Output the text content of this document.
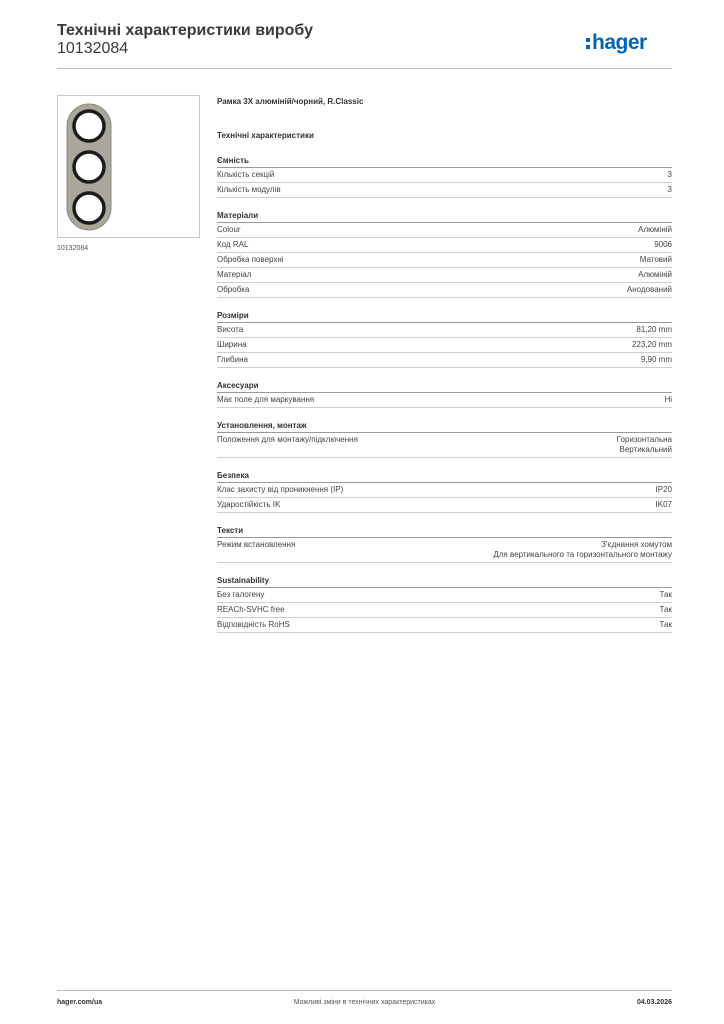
Технічні характеристики виробу
10132084	hager
10132084
Рамка 3X алюміній/чорний, R.Classic
Технічні характеристики
Ємність
Кількість секцій	3
Кількість модулів	3
Матеріали
Colour	Алюміній
Код RAL	9006
Обробка поверхні	Матовий
Матеріал	Алюміній
Обробка	Анодований
Розміри
Висота	81,20 mm
Ширина	223,20 mm
Глибина	9,90 mm
Аксесуари
Має поле для маркування	Ні
Установлення, монтаж
Положення для монтажу/підключення	Горизонтальна
Вертикальний
Безпека
Клас захисту від проникнення (IP)	IP20
Ударостійкість IK	IK07
Тексти
Режим встановлення	З'єднання хомутом
Для вертикального та горизонтального монтажу
Sustainability
Без галогену	Так
REACh-SVHC free	Так
Відповідність RoHS	Так
hager.com/ua	Можливі зміни в технічних характеристиках	04.03.2026
